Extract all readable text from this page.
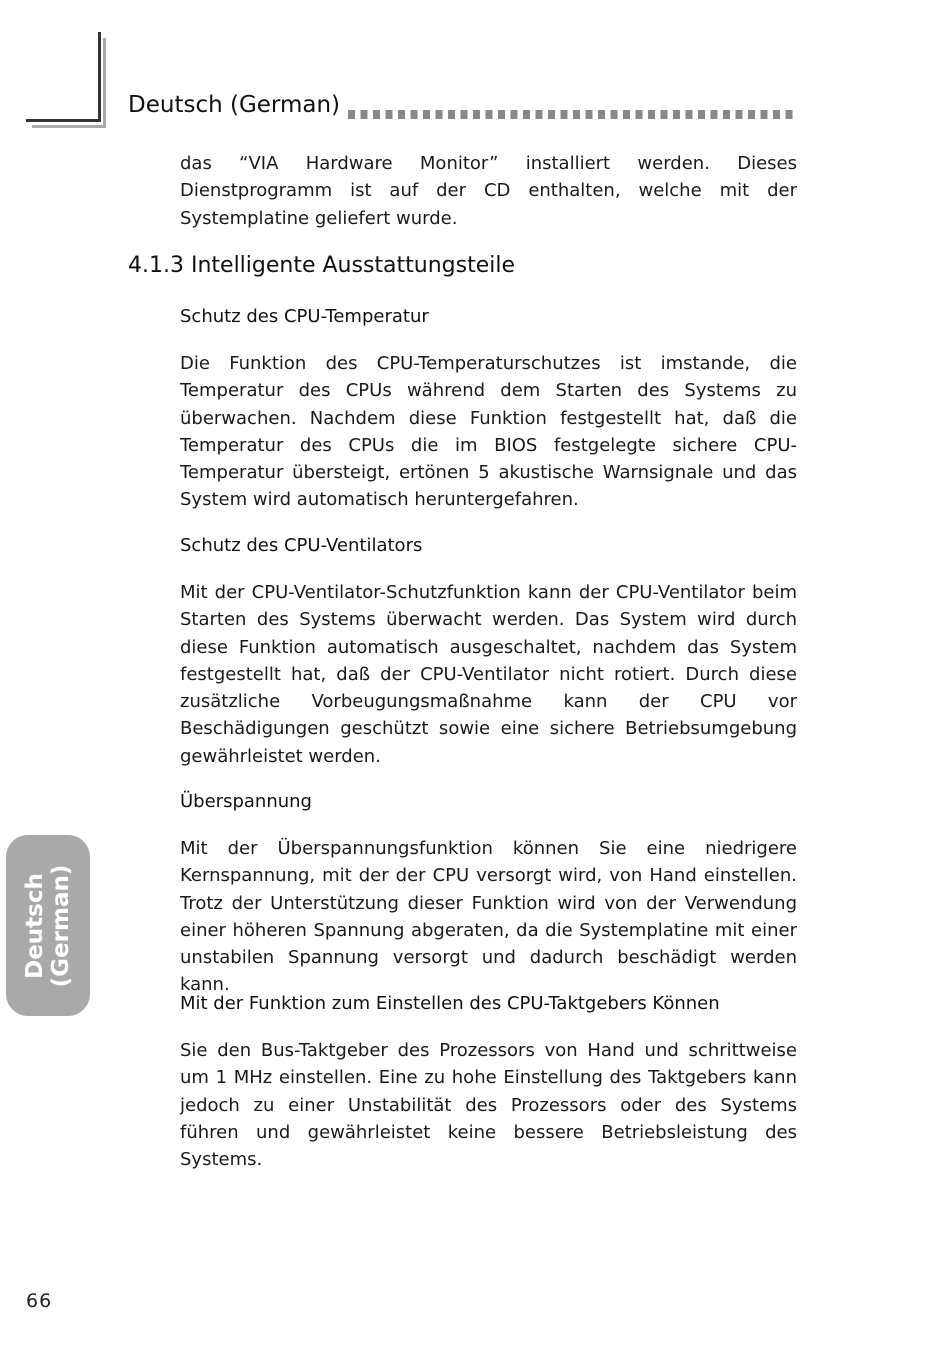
Deutsch (German)

das “VIA Hardware Monitor” installiert werden. Dieses Dienstprogramm ist auf der CD enthalten, welche mit der Systemplatine geliefert wurde.

4.1.3 Intelligente Ausstattungsteile
Schutz des CPU-Temperatur

Die Funktion des CPU-Temperaturschutzes ist imstande, die Temperatur des CPUs während dem Starten des Systems zu überwachen. Nachdem diese Funktion festgestellt hat, daß die Temperatur des CPUs die im BIOS festgelegte sichere CPU-Temperatur übersteigt, ertönen 5 akustische Warnsignale und das System wird automatisch heruntergefahren.

Schutz des CPU-Ventilators

Mit der CPU-Ventilator-Schutzfunktion kann der CPU-Ventilator beim Starten des Systems überwacht werden. Das System wird durch diese Funktion automatisch ausgeschaltet, nachdem das System festgestellt hat, daß der CPU-Ventilator nicht rotiert. Durch diese zusätzliche Vorbeugungsmaßnahme kann der CPU vor Beschädigungen geschützt sowie eine sichere Betriebsumgebung gewährleistet werden.

Überspannung

Mit der Überspannungsfunktion können Sie eine niedrigere Kernspannung, mit der der CPU versorgt wird, von Hand einstellen. Trotz der Unterstützung dieser Funktion wird von der Verwendung einer höheren Spannung abgeraten, da die Systemplatine mit einer unstabilen Spannung versorgt und dadurch beschädigt werden kann.

Mit der Funktion zum Einstellen des CPU-Taktgebers Können

Sie den Bus-Taktgeber des Prozessors von Hand und schrittweise um 1 MHz einstellen. Eine zu hohe Einstellung des Taktgebers kann jedoch zu einer Unstabilität des Prozessors oder des Systems führen und gewährleistet keine bessere Betriebsleistung des Systems.

Deutsch (German)
66
